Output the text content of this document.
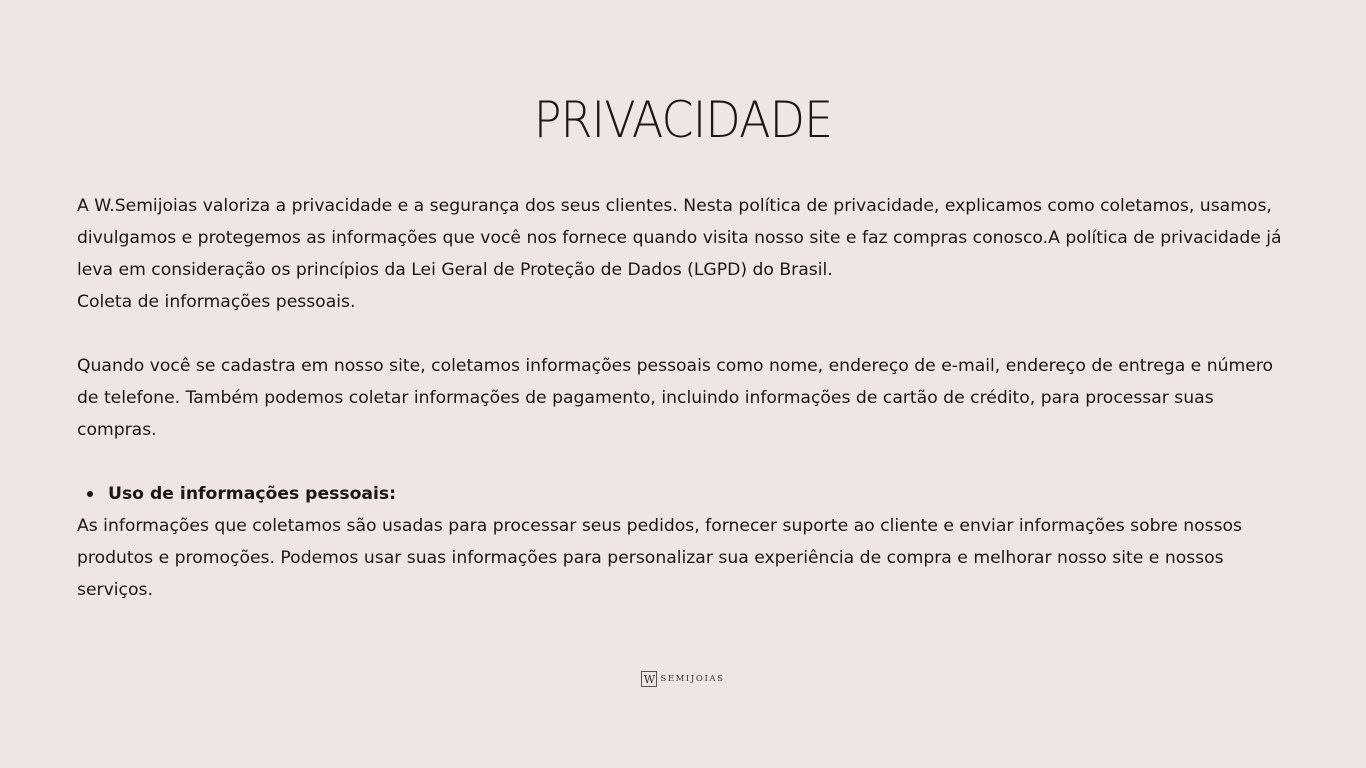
PRIVACIDADE

A W.Semijoias valoriza a privacidade e a segurança dos seus clientes. Nesta política de privacidade, explicamos como coletamos, usamos, divulgamos e protegemos as informações que você nos fornece quando visita nosso site e faz compras conosco.A política de privacidade já leva em consideração os princípios da Lei Geral de Proteção de Dados (LGPD) do Brasil.

Coleta de informações pessoais.

Quando você se cadastra em nosso site, coletamos informações pessoais como nome, endereço de e-mail, endereço de entrega e número de telefone. Também podemos coletar informações de pagamento, incluindo informações de cartão de crédito, para processar suas compras.

Uso de informações pessoais:

As informações que coletamos são usadas para processar seus pedidos, fornecer suporte ao cliente e enviar informações sobre nossos produtos e promoções. Podemos usar suas informações para personalizar sua experiência de compra e melhorar nosso site e nossos serviços.

W SEMIJOIAS
